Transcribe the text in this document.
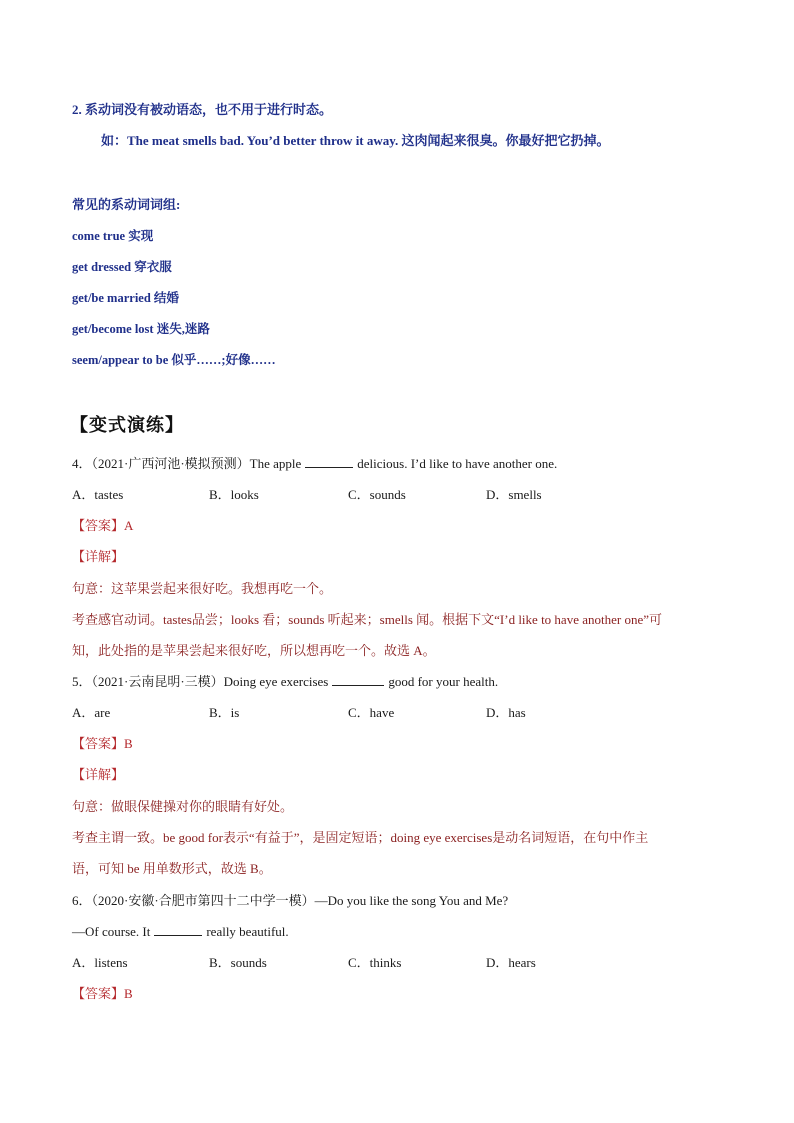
2. 系动词没有被动语态，也不用于进行时态。
如：The meat smells bad. You’d better throw it away. 这肉闻起来很臭。你最好把它扔掉。
常见的系动词词组:
come true 实现
get dressed 穿衣服
get/be married 结婚
get/become lost 迷失,迷路
seem/appear to be 似乎……;好像……
【变式演练】
4．（2021·广西河池·模拟预测）The apple	delicious. I’d like to have another one.
A．tastes	B．looks	C．sounds	D．smells
【答案】A
【详解】
句意：这苹果尝起来很好吃。我想再吃一个。
考查感官动词。tastes品尝；looks 看；sounds 听起来；smells 闻。根据下文“I’d like to have another one”可
知，此处指的是苹果尝起来很好吃，所以想再吃一个。故选 A。
5．（2021·云南昆明·三模）Doing eye exercises	good for your health.
A．are	B．is	C．have	D．has
【答案】B
【详解】
句意：做眼保健操对你的眼睛有好处。
考查主谓一致。be good for表示“有益于”，是固定短语；doing eye exercises是动名词短语，在句中作主
语，可知 be 用单数形式，故选 B。
6．（2020·安徽·合肥市第四十二中学一模）—Do you like the song You and Me?
—Of course. It	really beautiful.
A．listens	B．sounds	C．thinks	D．hears
【答案】B
